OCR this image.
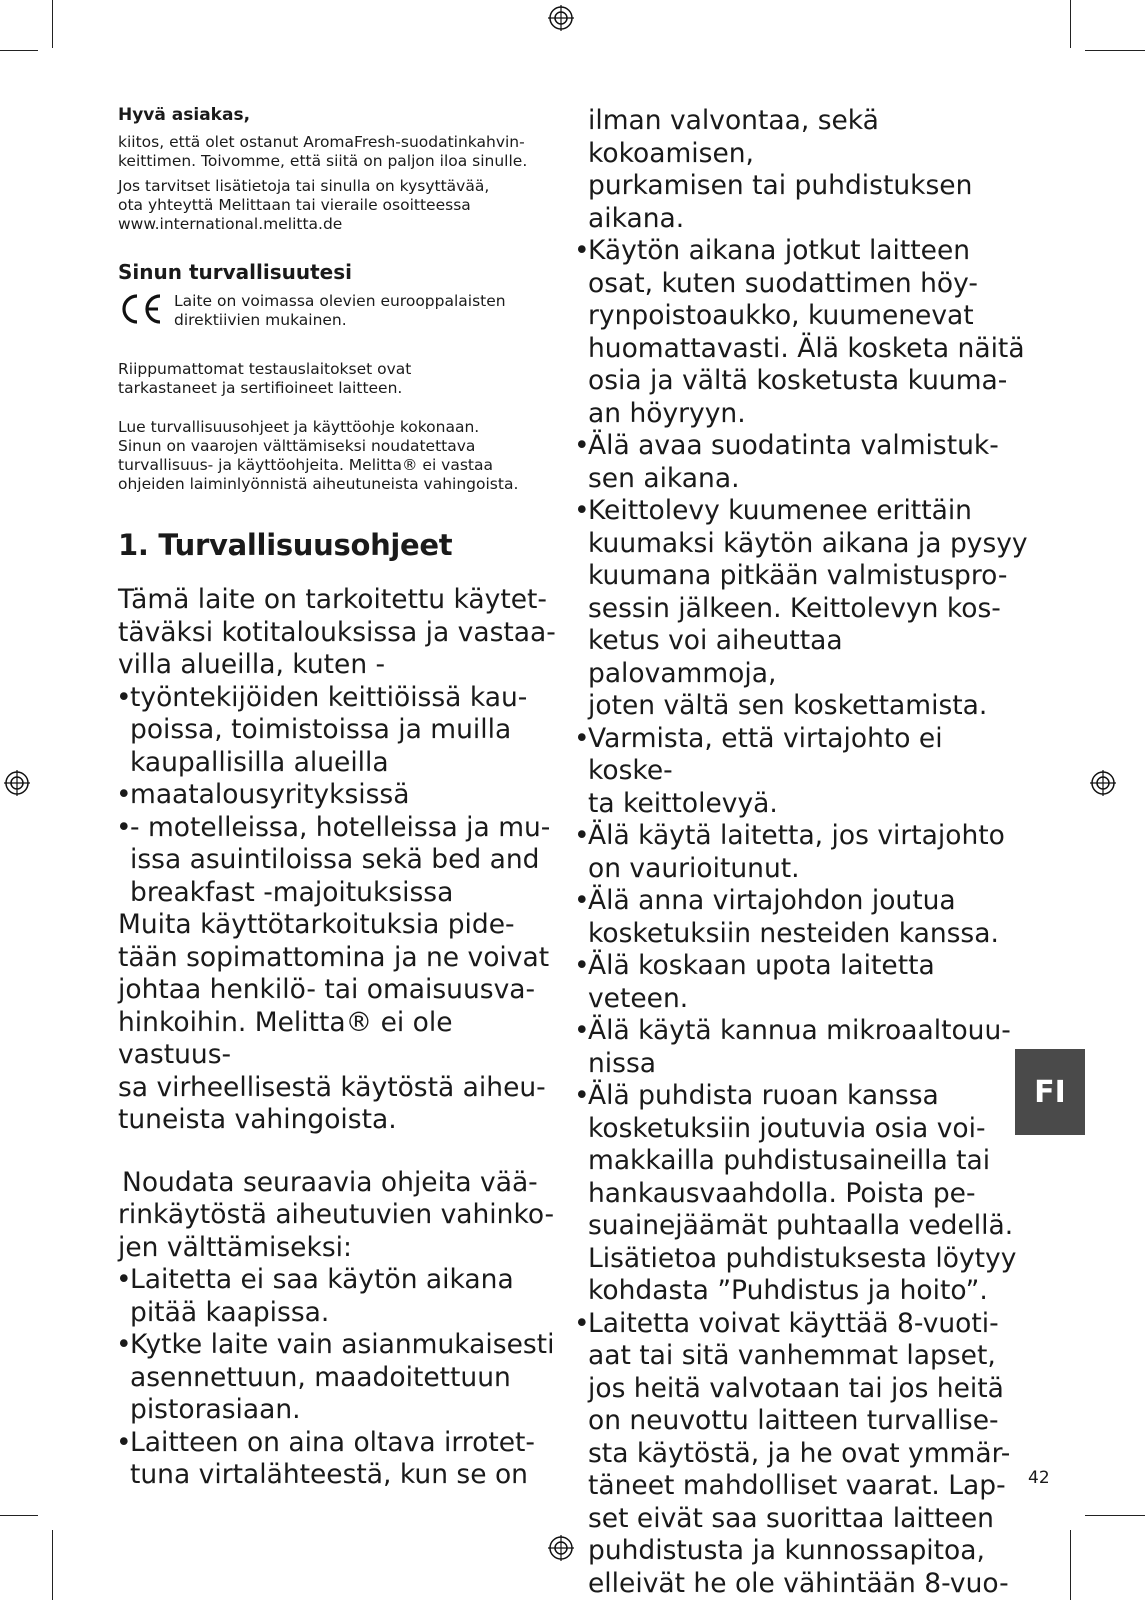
Hyvä asiakas,

kiitos, että olet ostanut AromaFresh-suodatinkahvin-
keittimen. Toivomme, että siitä on paljon iloa sinulle.

Jos tarvitset lisätietoja tai sinulla on kysyttävää,
ota yhteyttä Melittaan tai vieraile osoitteessa
www.international.melitta.de

Sinun turvallisuutesi

Laite on voimassa olevien eurooppalaisten
direktiivien mukainen.

Riippumattomat testauslaitokset ovat
tarkastaneet ja sertifioineet laitteen.

Lue turvallisuusohjeet ja käyttöohje kokonaan.
Sinun on vaarojen välttämiseksi noudatettava
turvallisuus- ja käyttöohjeita. Melitta® ei vastaa
ohjeiden laiminlyönnistä aiheutuneista vahingoista.

1. Turvallisuusohjeet

Tämä laite on tarkoitettu käytet-
täväksi kotitalouksissa ja vastaa-
villa alueilla, kuten -

• työntekijöiden keittiöissä kau-
poissa, toimistoissa ja muilla
kaupallisilla alueilla
• maatalousyrityksissä
• - motelleissa, hotelleissa ja mu-
issa asuintiloissa sekä bed and
breakfast -majoituksissa

Muita käyttötarkoituksia pide-
tään sopimattomina ja ne voivat
johtaa henkilö- tai omaisuusva-
hinkoihin. Melitta® ei ole vastuus-
sa virheellisestä käytöstä aiheu-
tuneista vahingoista.

Noudata seuraavia ohjeita vää-
rinkäytöstä aiheutuvien vahinko-
jen välttämiseksi:

• Laitetta ei saa käytön aikana
pitää kaapissa.
• Kytke laite vain asianmukaisesti
asennettuun, maadoitettuun
pistorasiaan.
• Laitteen on aina oltava irrotet-
tuna virtalähteestä, kun se on

ilman valvontaa, sekä kokoamisen,
purkamisen tai puhdistuksen
aikana.

• Käytön aikana jotkut laitteen
osat, kuten suodattimen höy-
rynpoistoaukko, kuumenevat
huomattavasti. Älä kosketa näitä
osia ja vältä kosketusta kuuma-
an höyryyn.
• Älä avaa suodatinta valmistuk-
sen aikana.
• Keittolevy kuumenee erittäin
kuumaksi käytön aikana ja pysyy
kuumana pitkään valmistuspro-
sessin jälkeen. Keittolevyn kos-
ketus voi aiheuttaa palovammoja,
joten vältä sen koskettamista.
• Varmista, että virtajohto ei koske-
ta keittolevyä.
• Älä käytä laitetta, jos virtajohto
on vaurioitunut.
• Älä anna virtajohdon joutua
kosketuksiin nesteiden kanssa.
• Älä koskaan upota laitetta veteen.
• Älä käytä kannua mikroaaltouu-
nissa
• Älä puhdista ruoan kanssa
kosketuksiin joutuvia osia voi-
makkailla puhdistusaineilla tai
hankausvaahdolla. Poista pe-
suainejäämät puhtaalla vedellä.
Lisätietoa puhdistuksesta löytyy
kohdasta ”Puhdistus ja hoito”.
• Laitetta voivat käyttää 8-vuoti-
aat tai sitä vanhemmat lapset,
jos heitä valvotaan tai jos heitä
on neuvottu laitteen turvallise-
sta käytöstä, ja he ovat ymmär-
täneet mahdolliset vaarat. Lap-
set eivät saa suorittaa laitteen
puhdistusta ja kunnossapitoa,
elleivät he ole vähintään 8-vuo-
FI
42
